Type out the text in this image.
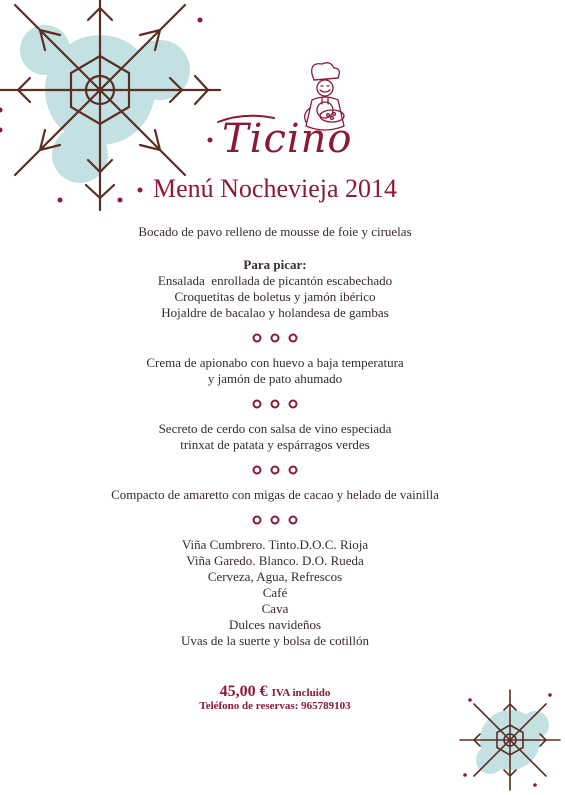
Ticino
Menú Nochevieja 2014
Bocado de pavo relleno de mousse de foie y ciruelas
Para picar:
Ensalada  enrollada de picantón escabechado
Croquetitas de boletus y jamón ibérico
Hojaldre de bacalao y holandesa de gambas
Crema de apionabo con huevo a baja temperatura
y jamón de pato ahumado
Secreto de cerdo con salsa de vino especiada
trinxat de patata y espárragos verdes
Compacto de amaretto con migas de cacao y helado de vainilla
Viña Cumbrero. Tinto.D.O.C. Rioja
Viña Garedo. Blanco. D.O. Rueda
Cerveza, Agua, Refrescos
Café
Cava
Dulces navideños
Uvas de la suerte y bolsa de cotillón
45,00 € IVA incluido
Teléfono de reservas: 965789103
